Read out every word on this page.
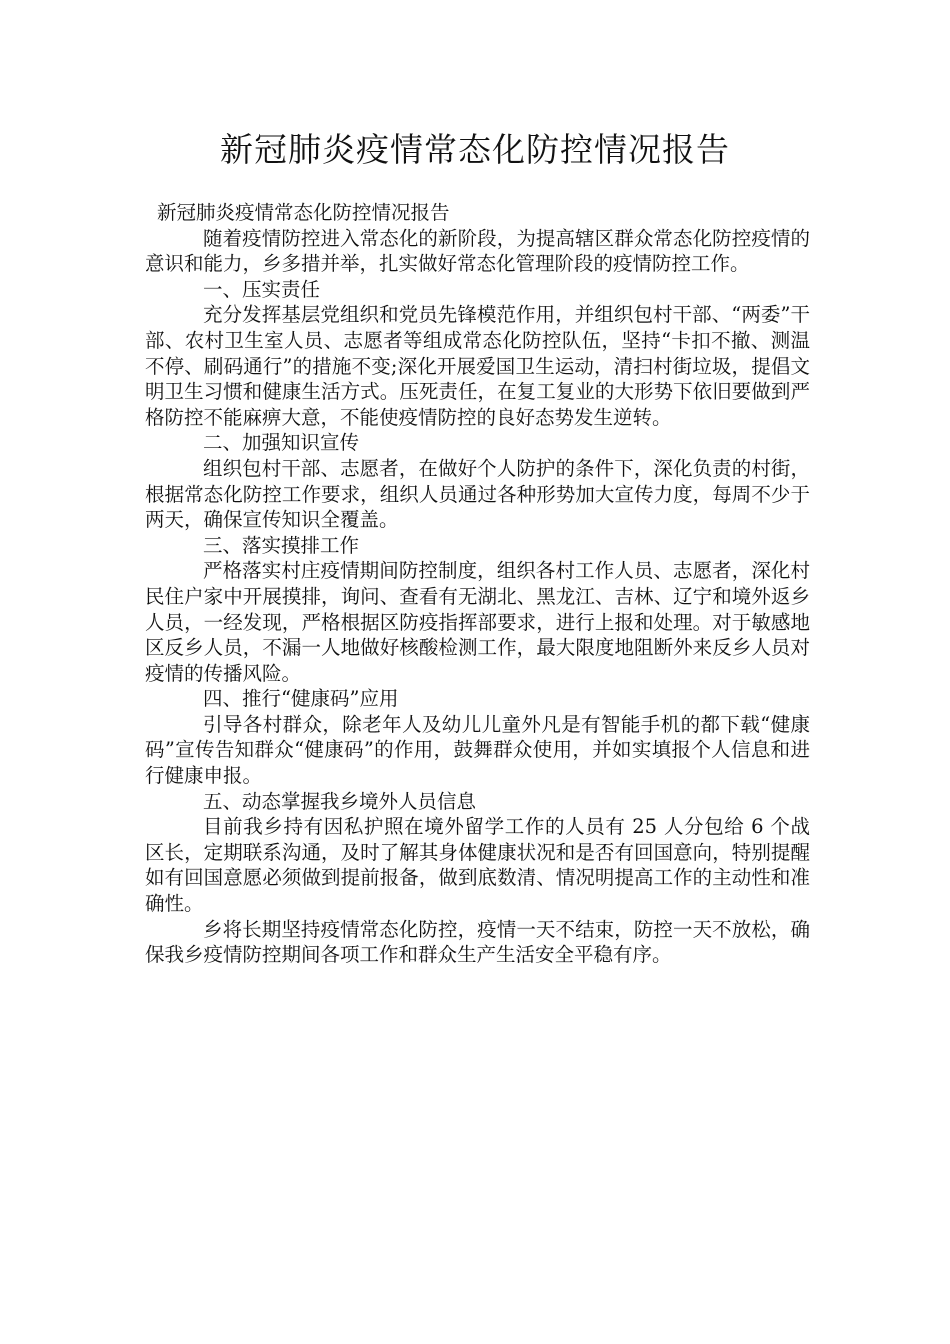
新冠肺炎疫情常态化防控情况报告

新冠肺炎疫情常态化防控情况报告

随着疫情防控进入常态化的新阶段，为提高辖区群众常态化防控疫情的意识和能力，乡多措并举，扎实做好常态化管理阶段的疫情防控工作。

一、压实责任

充分发挥基层党组织和党员先锋模范作用，并组织包村干部、“两委”干部、农村卫生室人员、志愿者等组成常态化防控队伍，坚持“卡扣不撤、测温不停、刷码通行”的措施不变;深化开展爱国卫生运动，清扫村街垃圾，提倡文明卫生习惯和健康生活方式。压死责任，在复工复业的大形势下依旧要做到严格防控不能麻痹大意，不能使疫情防控的良好态势发生逆转。

二、加强知识宣传

组织包村干部、志愿者，在做好个人防护的条件下，深化负责的村街，根据常态化防控工作要求，组织人员通过各种形势加大宣传力度，每周不少于两天，确保宣传知识全覆盖。

三、落实摸排工作

严格落实村庄疫情期间防控制度，组织各村工作人员、志愿者，深化村民住户家中开展摸排，询问、查看有无湖北、黑龙江、吉林、辽宁和境外返乡人员，一经发现，严格根据区防疫指挥部要求，进行上报和处理。对于敏感地区反乡人员，不漏一人地做好核酸检测工作，最大限度地阻断外来反乡人员对疫情的传播风险。

四、推行“健康码”应用

引导各村群众，除老年人及幼儿儿童外凡是有智能手机的都下载“健康码”宣传告知群众“健康码”的作用，鼓舞群众使用，并如实填报个人信息和进行健康申报。

五、动态掌握我乡境外人员信息

目前我乡持有因私护照在境外留学工作的人员有 25 人分包给 6 个战区长，定期联系沟通，及时了解其身体健康状况和是否有回国意向，特别提醒如有回国意愿必须做到提前报备，做到底数清、情况明提高工作的主动性和准确性。

乡将长期坚持疫情常态化防控，疫情一天不结束，防控一天不放松，确保我乡疫情防控期间各项工作和群众生产生活安全平稳有序。
